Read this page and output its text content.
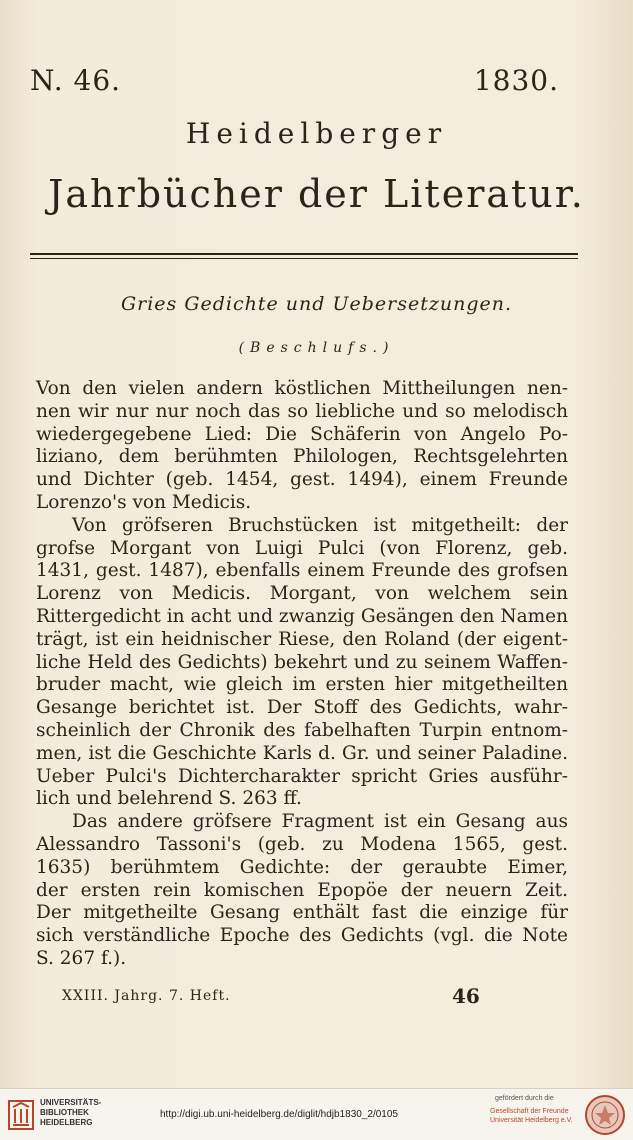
N. 46.	1830.
Heidelberger
Jahrbücher der Literatur.
Gries Gedichte und Uebersetzungen.
(Beschlufs.)
Von den vielen andern köstlichen Mittheilungen nen-
nen wir nur nur noch das so liebliche und so melodisch
wiedergegebene Lied: Die Schäferin von Angelo Po-
liziano, dem berühmten Philologen, Rechtsgelehrten
und Dichter (geb. 1454, gest. 1494), einem Freunde
Lorenzo's von Medicis.
Von gröfseren Bruchstücken ist mitgetheilt: der
grofse Morgant von Luigi Pulci (von Florenz, geb.
1431, gest. 1487), ebenfalls einem Freunde des grofsen
Lorenz von Medicis. Morgant, von welchem sein
Rittergedicht in acht und zwanzig Gesängen den Namen
trägt, ist ein heidnischer Riese, den Roland (der eigent-
liche Held des Gedichts) bekehrt und zu seinem Waffen-
bruder macht, wie gleich im ersten hier mitgetheilten
Gesange berichtet ist. Der Stoff des Gedichts, wahr-
scheinlich der Chronik des fabelhaften Turpin entnom-
men, ist die Geschichte Karls d. Gr. und seiner Paladine.
Ueber Pulci's Dichtercharakter spricht Gries ausführ-
lich und belehrend S. 263 ff.
Das andere gröfsere Fragment ist ein Gesang aus
Alessandro Tassoni's (geb. zu Modena 1565, gest.
1635) berühmtem Gedichte: der geraubte Eimer,
der ersten rein komischen Epopöe der neuern Zeit.
Der mitgetheilte Gesang enthält fast die einzige für
sich verständliche Epoche des Gedichts (vgl. die Note
S. 267 f.).
XXIII. Jahrg. 7. Heft.	46
UNIVERSITÄTS-
BIBLIOTHEK
HEIDELBERG
http://digi.ub.uni-heidelberg.de/diglit/hdjb1830_2/0105
gefördert durch die
Gesellschaft der Freunde
Universität Heidelberg e.V.
